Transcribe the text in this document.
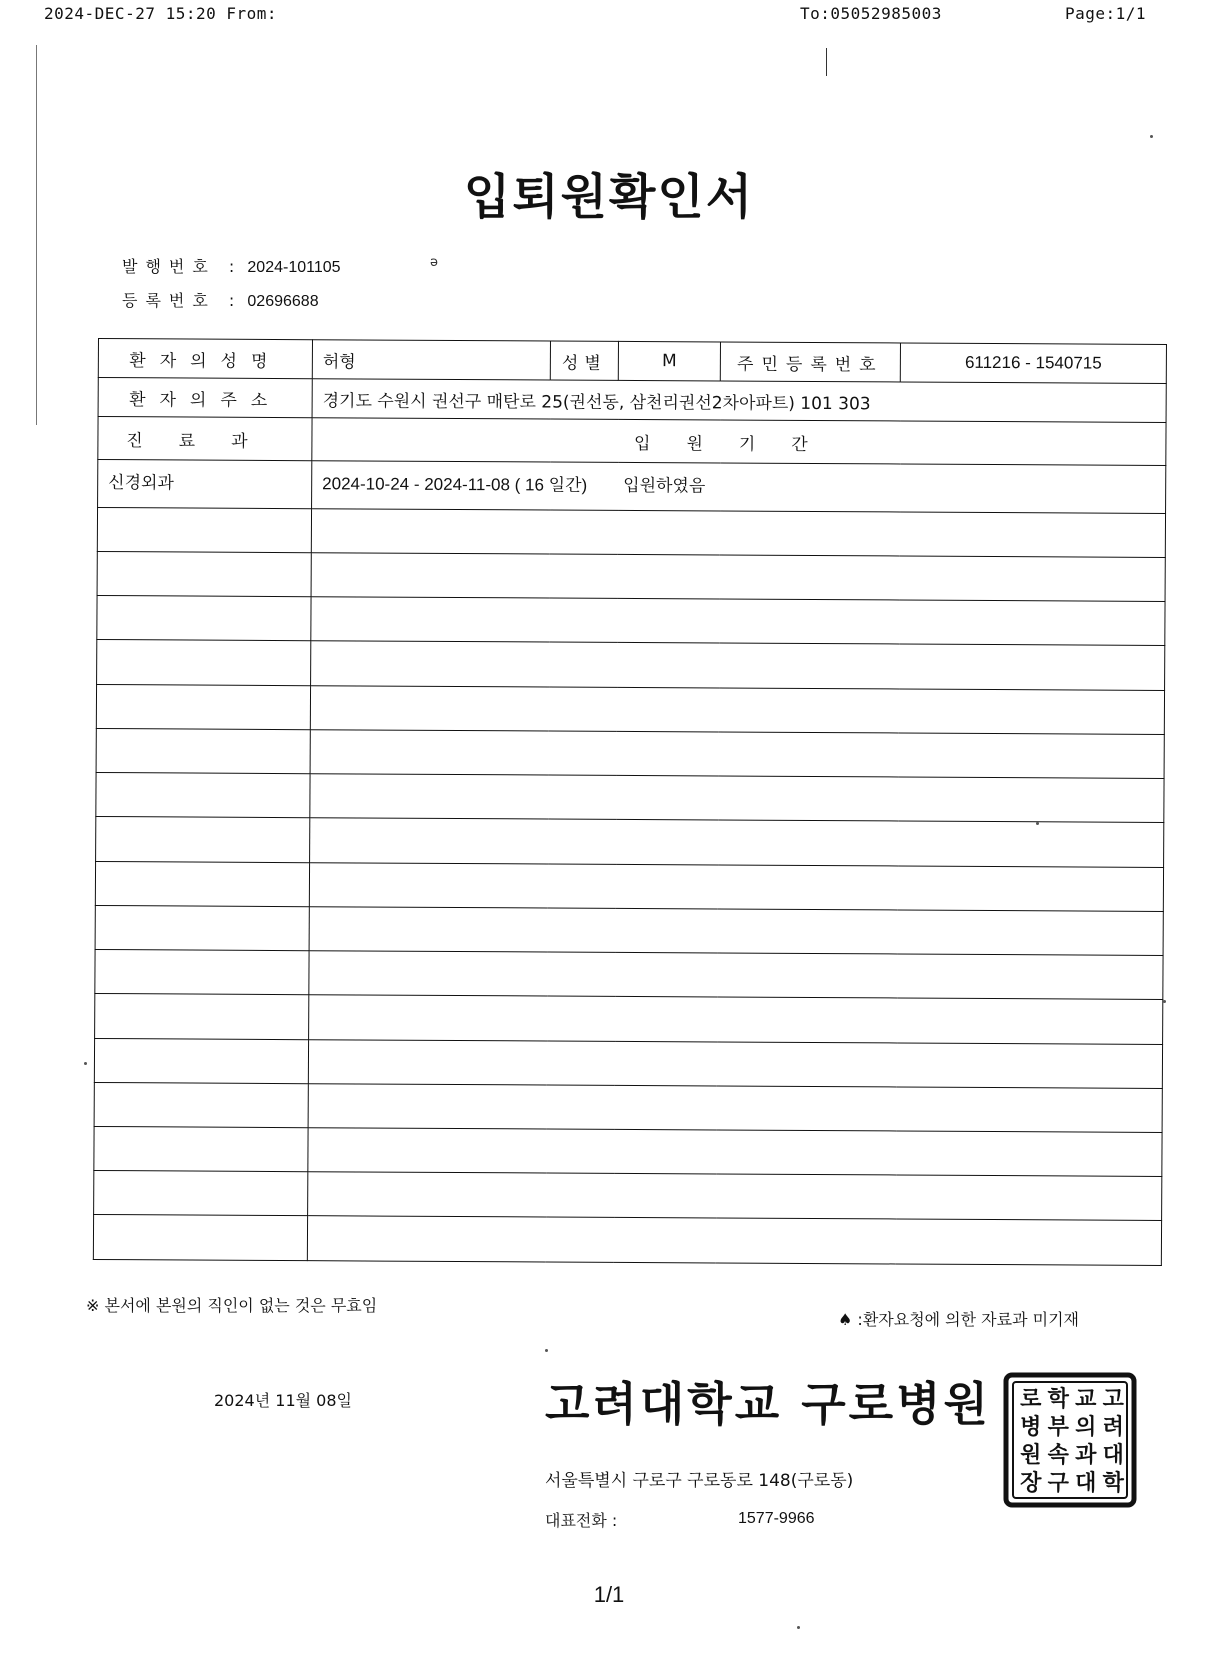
2024-DEC-27 15:20 From:	To:05052985003	Page:1/1
입퇴원확인서
발행번호 : 2024-101105	ə
등록번호 : 02696688
환자의성명	허형	성별	M	주민등록번호	611216 - 1540715
환자의주소	경기도 수원시 권선구 매탄로 25(권선동, 삼천리권선2차아파트) 101 303				
진료과	입원기간				
신경외과	2024-10-24 - 2024-11-08 ( 16 일간) 입원하였음				

※ 본서에 본원의 직인이 없는 것은 무효임
♠ :환자요청에 의한 자료과 미기재
2024년 11월 08일	고려대학교 구로병원
서울특별시 구로구 구로동로 148(구로동)
대표전화 :	1577-9966
1/1
고
려
대
학
교
의
과
대
학
부
속
구
로
병
원
장
